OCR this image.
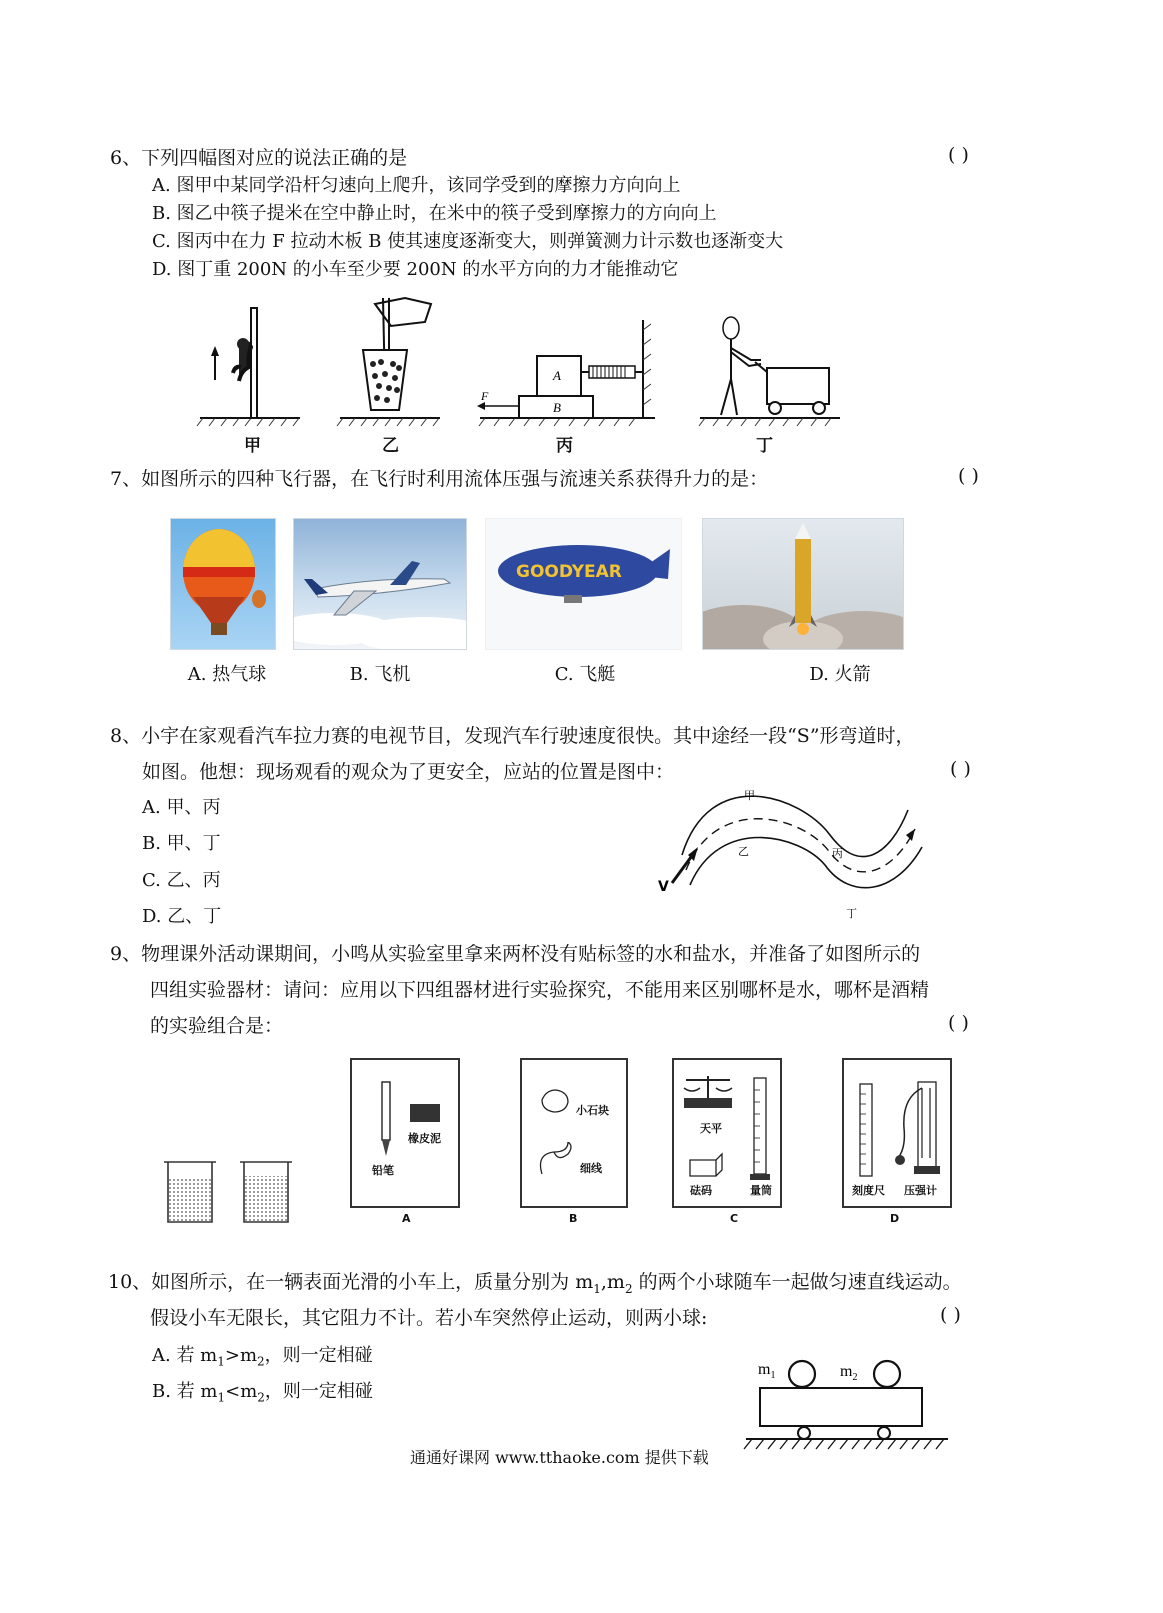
6、下列四幅图对应的说法正确的是	( )
A. 图甲中某同学沿杆匀速向上爬升，该同学受到的摩擦力方向向上
B. 图乙中筷子提米在空中静止时，在米中的筷子受到摩擦力的方向向上
C. 图丙中在力 F 拉动木板 B 使其速度逐渐变大，则弹簧测力计示数也逐渐变大
D. 图丁重 200N 的小车至少要 200N 的水平方向的力才能推动它
甲	乙
B
A
F
丙	丁
7、如图所示的四种飞行器，在飞行时利用流体压强与流速关系获得升力的是：	( )
A. 热气球	B. 飞机
GOODYEAR
C. 飞艇	D. 火箭
8、小宇在家观看汽车拉力赛的电视节目，发现汽车行驶速度很快。其中途经一段“S”形弯道时，
如图。他想：现场观看的观众为了更安全，应站的位置是图中：	( )
A. 甲、丙
B. 甲、丁
C. 乙、丙
D. 乙、丁
V
甲
乙	丙
丁
9、物理课外活动课期间，小鸣从实验室里拿来两杯没有贴标签的水和盐水，并准备了如图所示的
四组实验器材：请问：应用以下四组器材进行实验探究，不能用来区别哪杯是水，哪杯是酒精
的实验组合是：	( )
橡皮泥
铅笔
A
小石块
细线
B
天平
砝码	量筒
C
刻度尺 压强计
D
10、如图所示，在一辆表面光滑的小车上，质量分别为 $m_1,m_2$ 的两个小球随车一起做匀速直线运动。
假设小车无限长，其它阻力不计。若小车突然停止运动，则两小球:	( )
A. 若 $m_1>m_2$，则一定相碰
B. 若 $m_1<m_2$，则一定相碰
$m_1$	$m_2$
通通好课网 www.tthaoke.com 提供下载
